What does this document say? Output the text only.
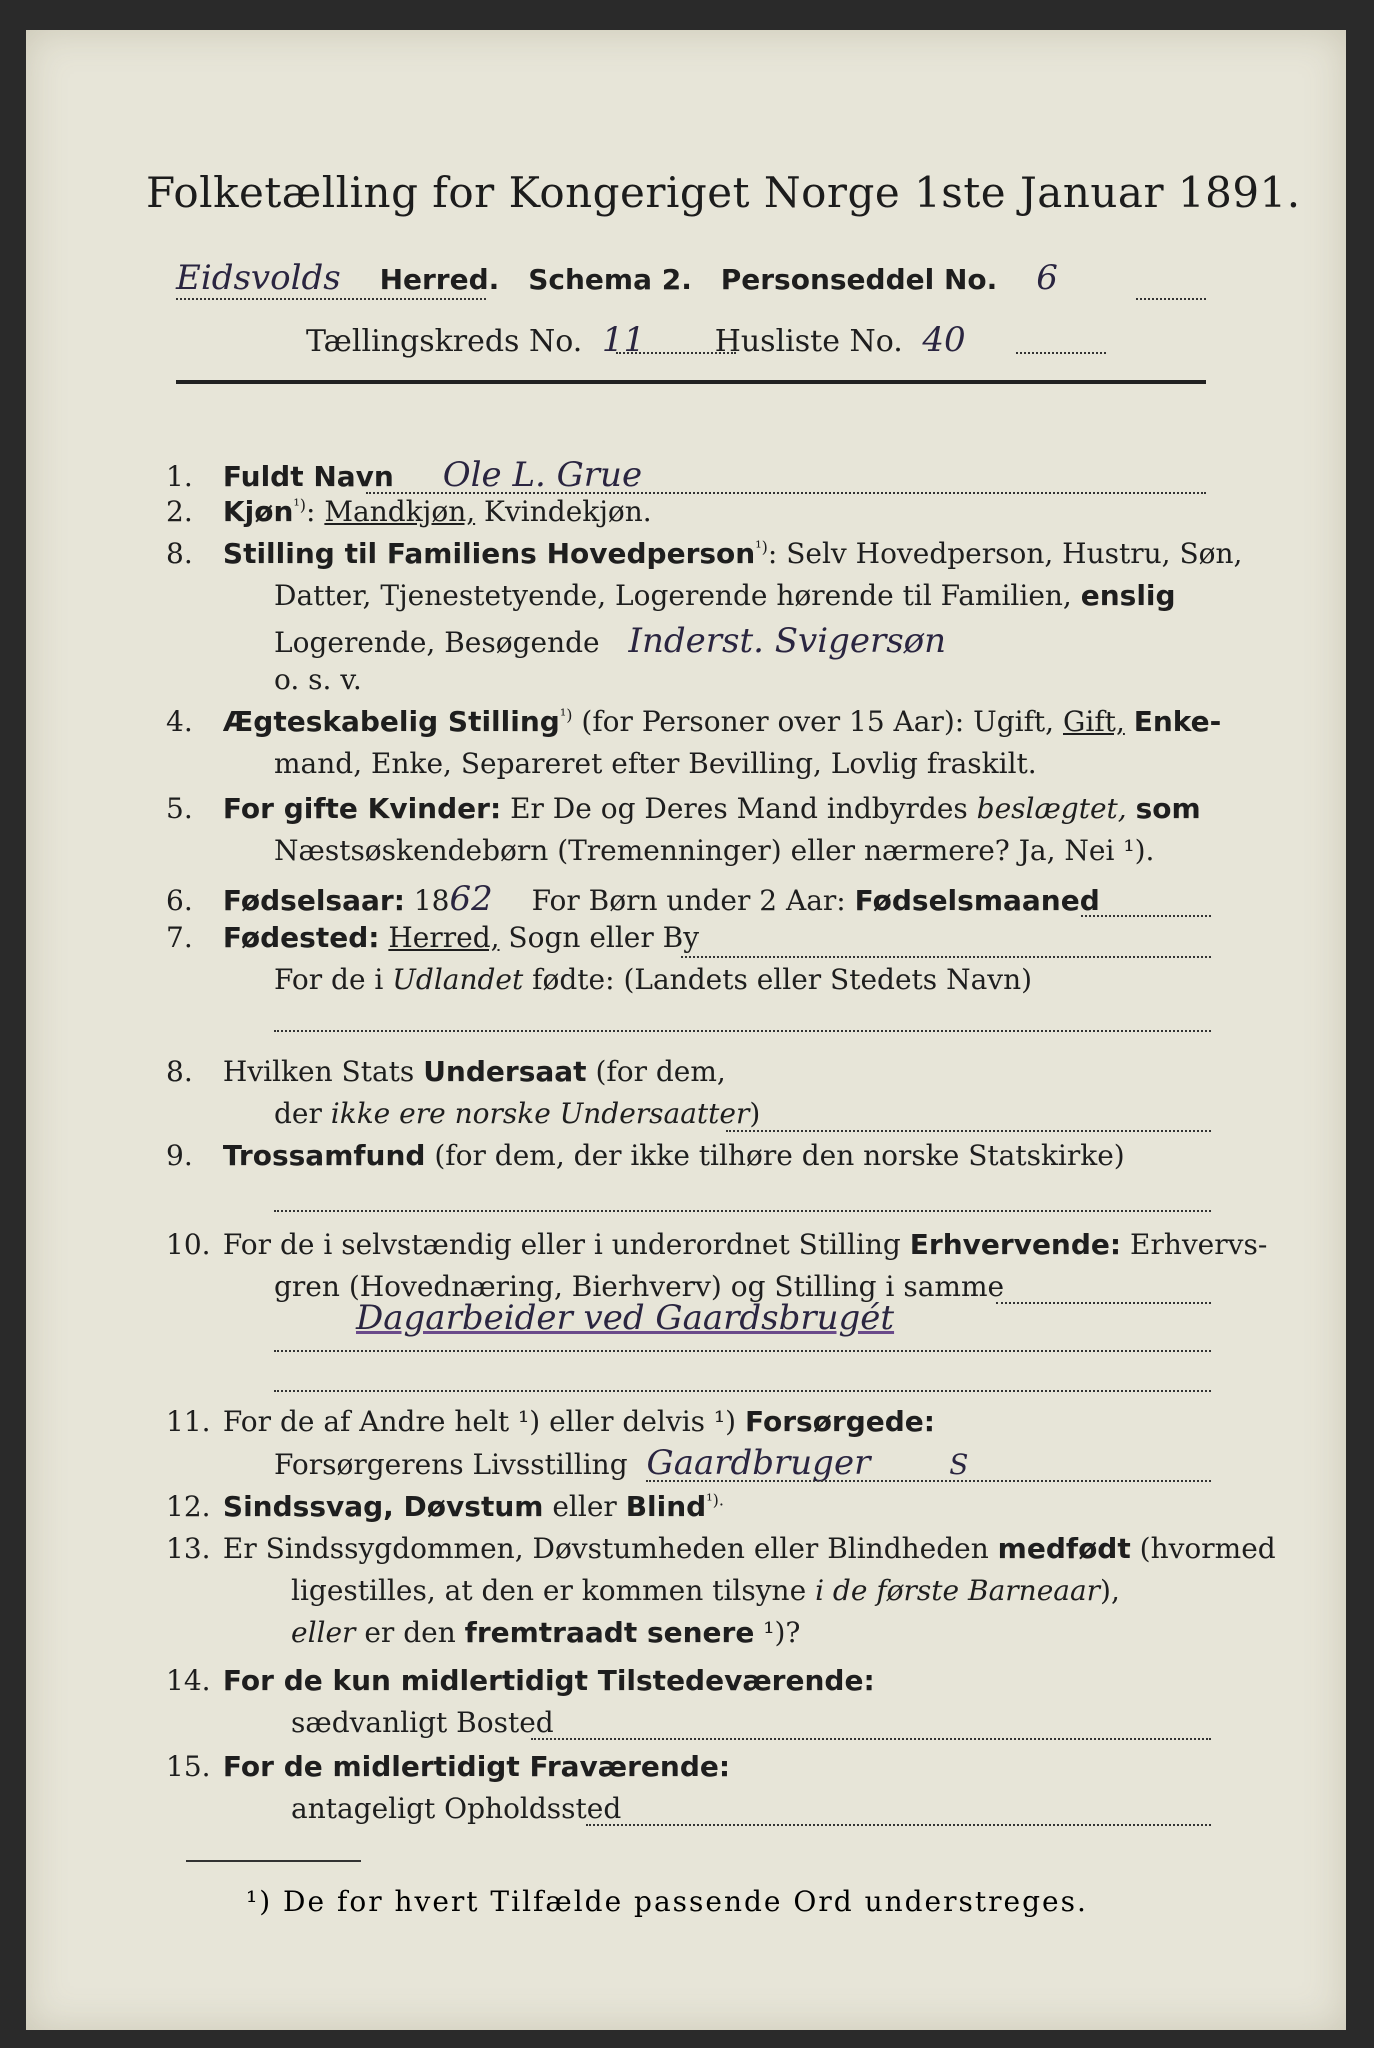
Folketælling for Kongeriget Norge 1ste Januar 1891.
Eidsvolds Herred. Schema 2. Personseddel No. 6
Tællingskreds No. 11 Husliste No. 40
1. Fuldt Navn Ole L. Grue
2. Kjøn$^{^1)}$: Mandkjøn, Kvindekjøn.
8. Stilling til Familiens Hovedperson$^{^1)}$: Selv Hovedperson, Hustru, Søn,
Datter, Tjenestetyende, Logerende hørende til Familien, enslig
Logerende, Besøgende Inderst. Svigersøn
o. s. v.
4. Ægteskabelig Stilling$^{^1)}$ (for Personer over 15 Aar): Ugift, Gift, Enke-
mand, Enke, Separeret efter Bevilling, Lovlig fraskilt.
5. For gifte Kvinder: Er De og Deres Mand indbyrdes beslægtet, som
Næstsøskendebørn (Tremenninger) eller nærmere? Ja, Nei ¹).
6. Fødselsaar: 1862 For Børn under 2 Aar: Fødselsmaaned
7. Fødested: Herred, Sogn eller By
For de i Udlandet fødte: (Landets eller Stedets Navn)
8. Hvilken Stats Undersaat (for dem,
der ikke ere norske Undersaatter)
9. Trossamfund (for dem, der ikke tilhøre den norske Statskirke)
10. For de i selvstændig eller i underordnet Stilling Erhvervende: Erhvervs-
gren (Hovednæring, Bierhverv) og Stilling i samme
Dagarbeider ved Gaardsbrugét
11. For de af Andre helt ¹) eller delvis ¹) Forsørgede:
Forsørgerens Livsstilling Gaardbruger	S
12. Sindssvag, Døvstum eller Blind$^{^1).}$
13. Er Sindssygdommen, Døvstumheden eller Blindheden medfødt (hvormed
ligestilles, at den er kommen tilsyne i de første Barneaar),
eller er den fremtraadt senere ¹)?
14. For de kun midlertidigt Tilstedeværende:
sædvanligt Bosted
15. For de midlertidigt Fraværende:
antageligt Opholdssted
¹) De for hvert Tilfælde passende Ord understreges.
